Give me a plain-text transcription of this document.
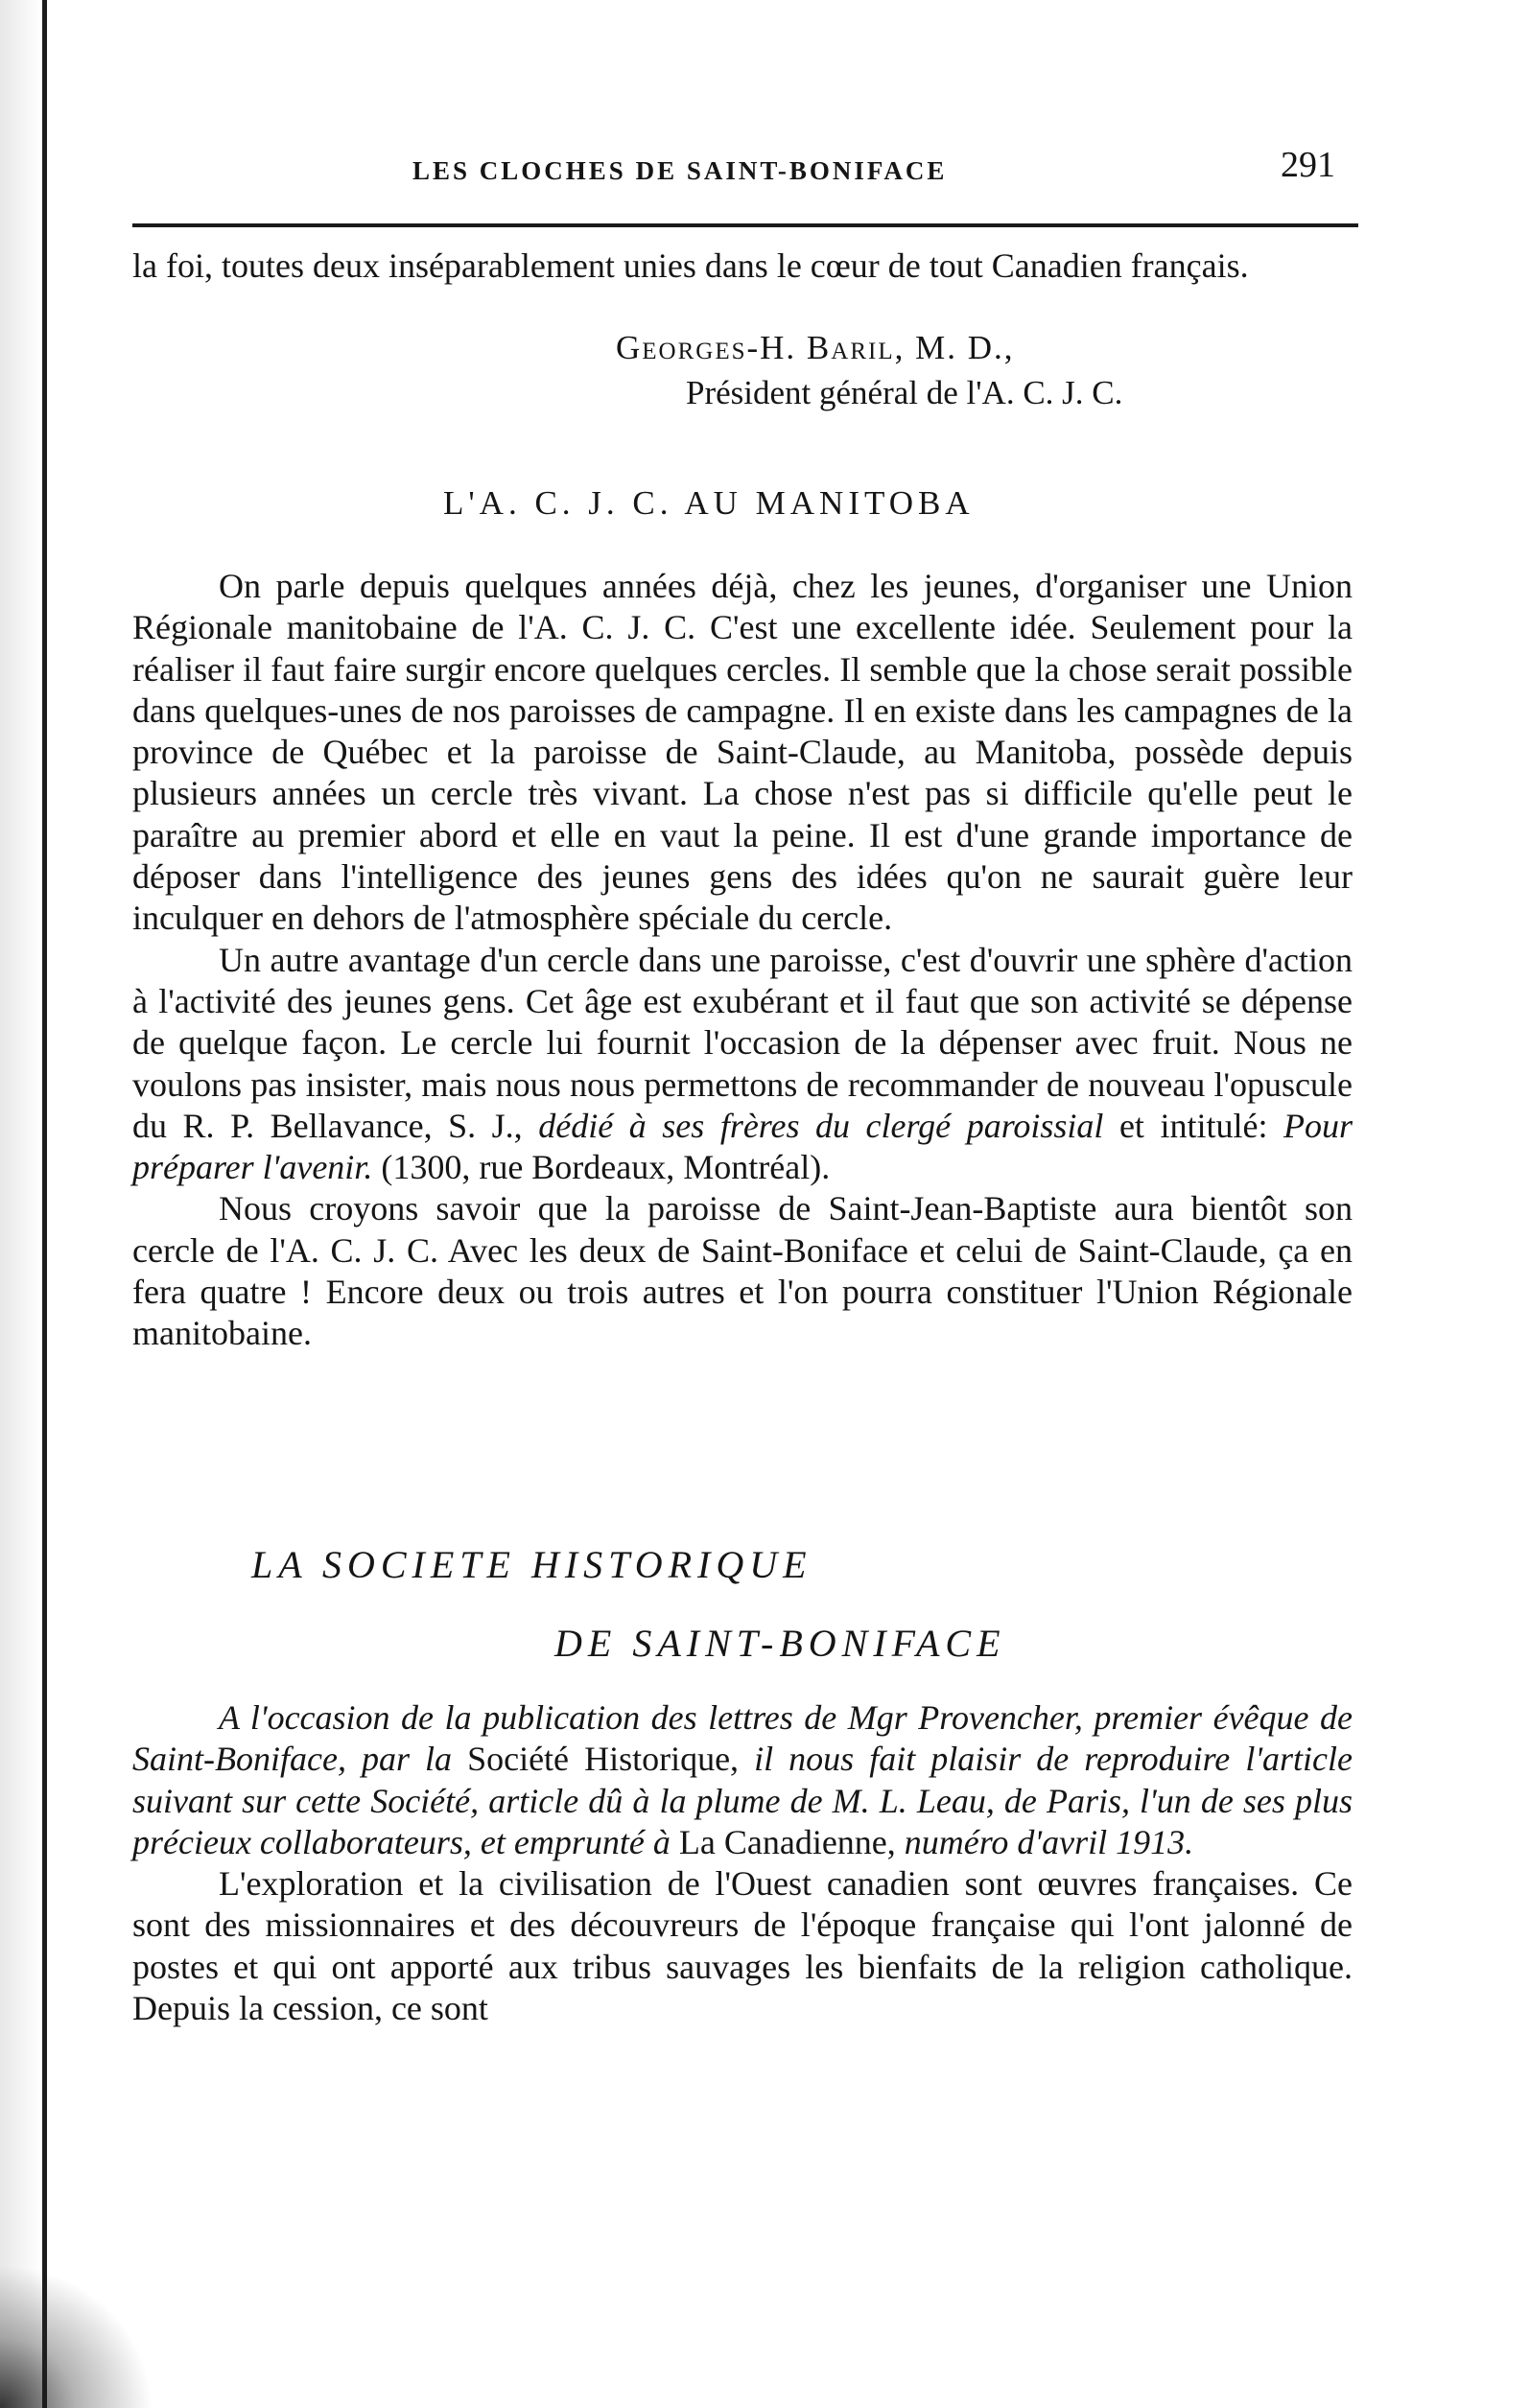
LES CLOCHES DE SAINT-BONIFACE	291

la foi, toutes deux inséparablement unies dans le cœur de tout Canadien français.

Georges-H. Baril, M. D.,
Président général de l'A. C. J. C.
L'A. C. J. C. AU MANITOBA

On parle depuis quelques années déjà, chez les jeunes, d'organiser une Union Régionale manitobaine de l'A. C. J. C. C'est une excellente idée. Seulement pour la réaliser il faut faire surgir encore quelques cercles. Il semble que la chose serait possible dans quelques-unes de nos paroisses de campagne. Il en existe dans les campagnes de la province de Québec et la paroisse de Saint-Claude, au Manitoba, possède depuis plusieurs années un cercle très vivant. La chose n'est pas si difficile qu'elle peut le paraître au premier abord et elle en vaut la peine. Il est d'une grande importance de déposer dans l'intelligence des jeunes gens des idées qu'on ne saurait guère leur inculquer en dehors de l'atmosphère spéciale du cercle.

Un autre avantage d'un cercle dans une paroisse, c'est d'ouvrir une sphère d'action à l'activité des jeunes gens. Cet âge est exubérant et il faut que son activité se dépense de quelque façon. Le cercle lui fournit l'occasion de la dépenser avec fruit. Nous ne voulons pas insister, mais nous nous permettons de recommander de nouveau l'opuscule du R. P. Bellavance, S. J., dédié à ses frères du clergé paroissial et intitulé: Pour préparer l'avenir. (1300, rue Bordeaux, Montréal).

Nous croyons savoir que la paroisse de Saint-Jean-Baptiste aura bientôt son cercle de l'A. C. J. C. Avec les deux de Saint-Boniface et celui de Saint-Claude, ça en fera quatre ! Encore deux ou trois autres et l'on pourra constituer l'Union Régionale manitobaine.

LA SOCIETE HISTORIQUE
DE SAINT-BONIFACE

A l'occasion de la publication des lettres de Mgr Provencher, premier évêque de Saint-Boniface, par la Société Historique, il nous fait plaisir de reproduire l'article suivant sur cette Société, article dû à la plume de M. L. Leau, de Paris, l'un de ses plus précieux collaborateurs, et emprunté à La Canadienne, numéro d'avril 1913.

L'exploration et la civilisation de l'Ouest canadien sont œuvres françaises. Ce sont des missionnaires et des découvreurs de l'époque française qui l'ont jalonné de postes et qui ont apporté aux tribus sauvages les bienfaits de la religion catholique. Depuis la cession, ce sont
